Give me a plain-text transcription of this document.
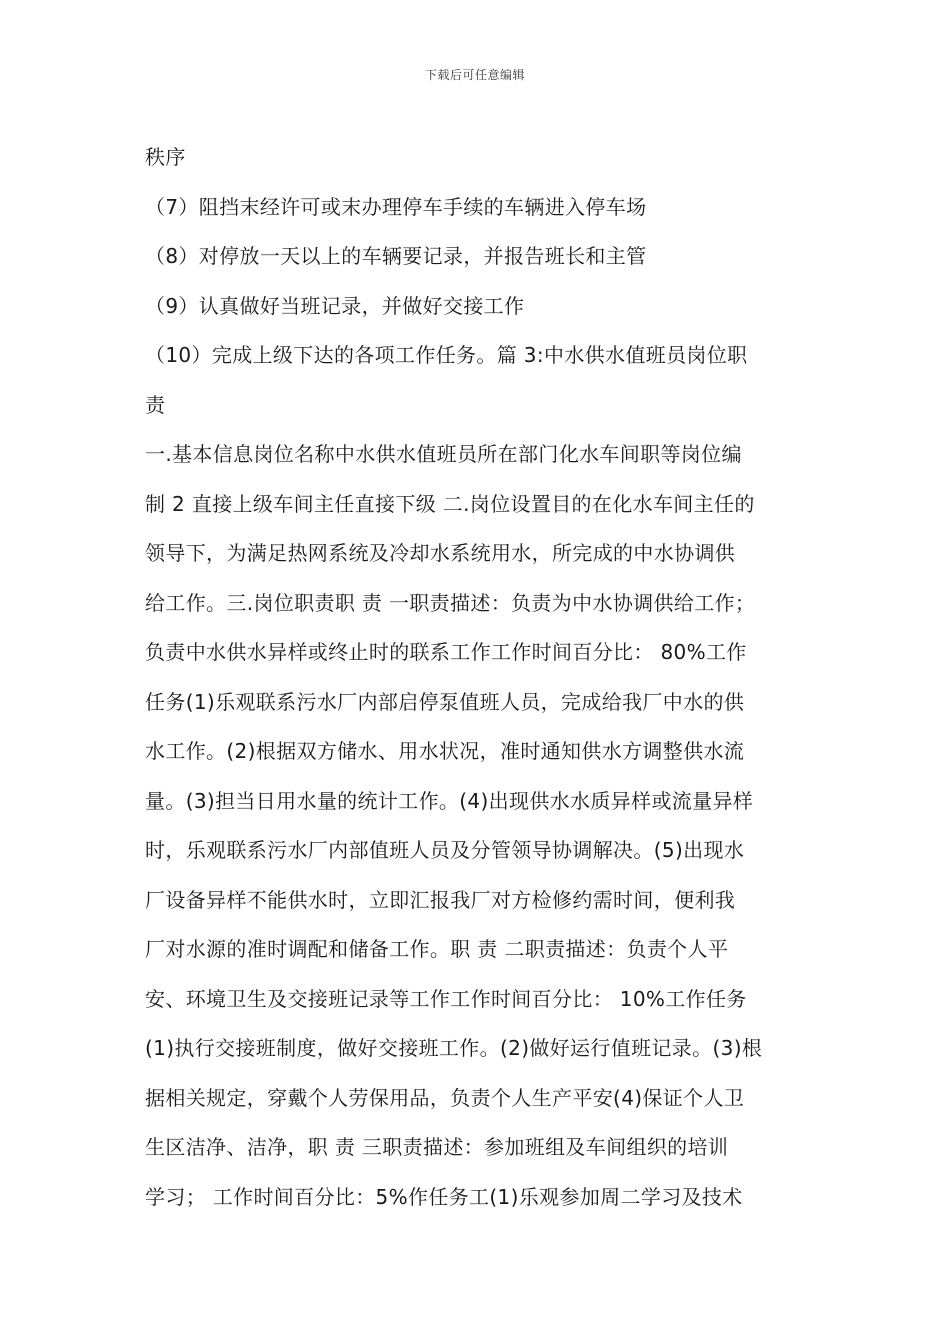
下载后可任意编辑
秩序
（7）阻挡末经许可或末办理停车手续的车辆进入停车场
（8）对停放一天以上的车辆要记录，并报告班长和主管
（9）认真做好当班记录，并做好交接工作
（10）完成上级下达的各项工作任务。篇 3:中水供水值班员岗位职
责
一.基本信息岗位名称中水供水值班员所在部门化水车间职等岗位编
制 2 直接上级车间主任直接下级 二.岗位设置目的在化水车间主任的
领导下，为满足热网系统及冷却水系统用水，所完成的中水协调供
给工作。三.岗位职责职 责 一职责描述：负责为中水协调供给工作；
负责中水供水异样或终止时的联系工作工作时间百分比： 80%工作
任务(1)乐观联系污水厂内部启停泵值班人员，完成给我厂中水的供
水工作。(2)根据双方储水、用水状况，准时通知供水方调整供水流
量。(3)担当日用水量的统计工作。(4)出现供水水质异样或流量异样
时，乐观联系污水厂内部值班人员及分管领导协调解决。(5)出现水
厂设备异样不能供水时，立即汇报我厂对方检修约需时间，便利我
厂对水源的准时调配和储备工作。职 责 二职责描述：负责个人平
安、环境卫生及交接班记录等工作工作时间百分比： 10%工作任务
(1)执行交接班制度，做好交接班工作。(2)做好运行值班记录。(3)根
据相关规定，穿戴个人劳保用品，负责个人生产平安(4)保证个人卫
生区洁净、洁净，职 责 三职责描述：参加班组及车间组织的培训
学习； 工作时间百分比：5%作任务工(1)乐观参加周二学习及技术
